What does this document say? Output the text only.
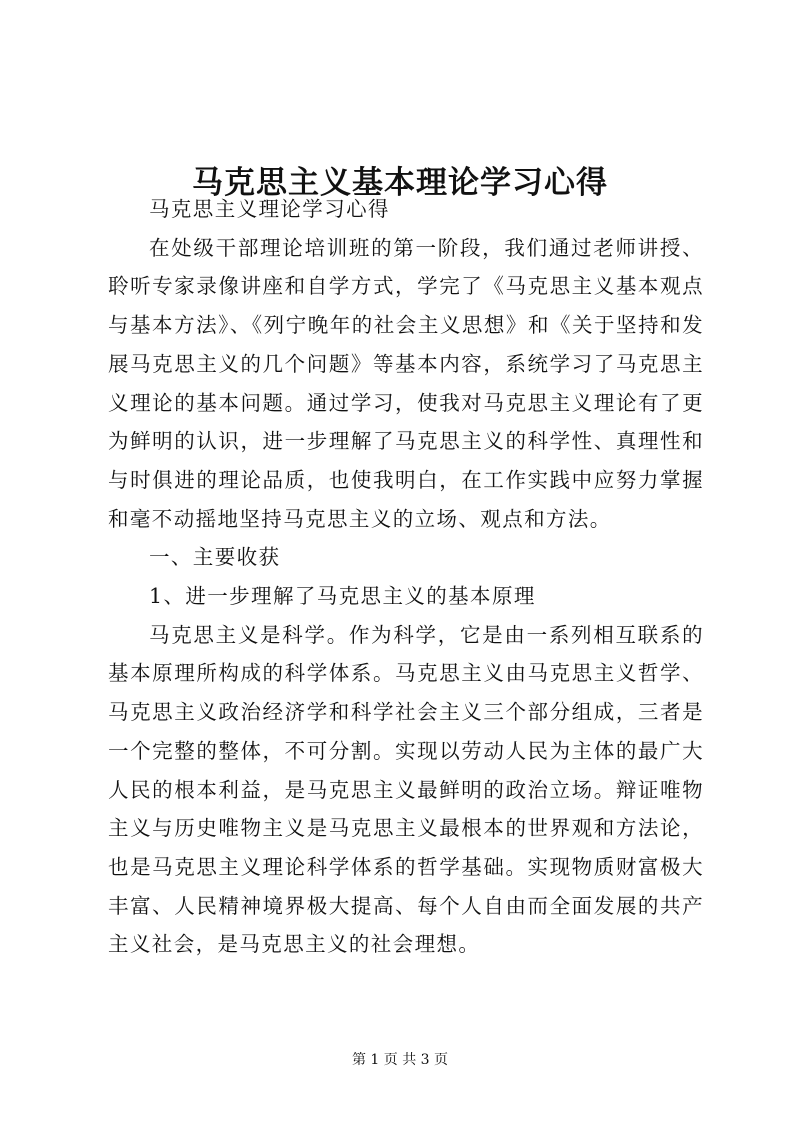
马克思主义基本理论学习心得

马克思主义理论学习心得

在处级干部理论培训班的第一阶段，我们通过老师讲授、聆听专家录像讲座和自学方式，学完了《马克思主义基本观点与基本方法》、《列宁晚年的社会主义思想》和《关于坚持和发展马克思主义的几个问题》等基本内容，系统学习了马克思主义理论的基本问题。通过学习，使我对马克思主义理论有了更为鲜明的认识，进一步理解了马克思主义的科学性、真理性和与时俱进的理论品质，也使我明白，在工作实践中应努力掌握和毫不动摇地坚持马克思主义的立场、观点和方法。

一、主要收获

1、进一步理解了马克思主义的基本原理

马克思主义是科学。作为科学，它是由一系列相互联系的基本原理所构成的科学体系。马克思主义由马克思主义哲学、马克思主义政治经济学和科学社会主义三个部分组成，三者是一个完整的整体，不可分割。实现以劳动人民为主体的最广大人民的根本利益，是马克思主义最鲜明的政治立场。辩证唯物主义与历史唯物主义是马克思主义最根本的世界观和方法论，也是马克思主义理论科学体系的哲学基础。实现物质财富极大丰富、人民精神境界极大提高、每个人自由而全面发展的共产主义社会，是马克思主义的社会理想。

第 1 页 共 3 页
